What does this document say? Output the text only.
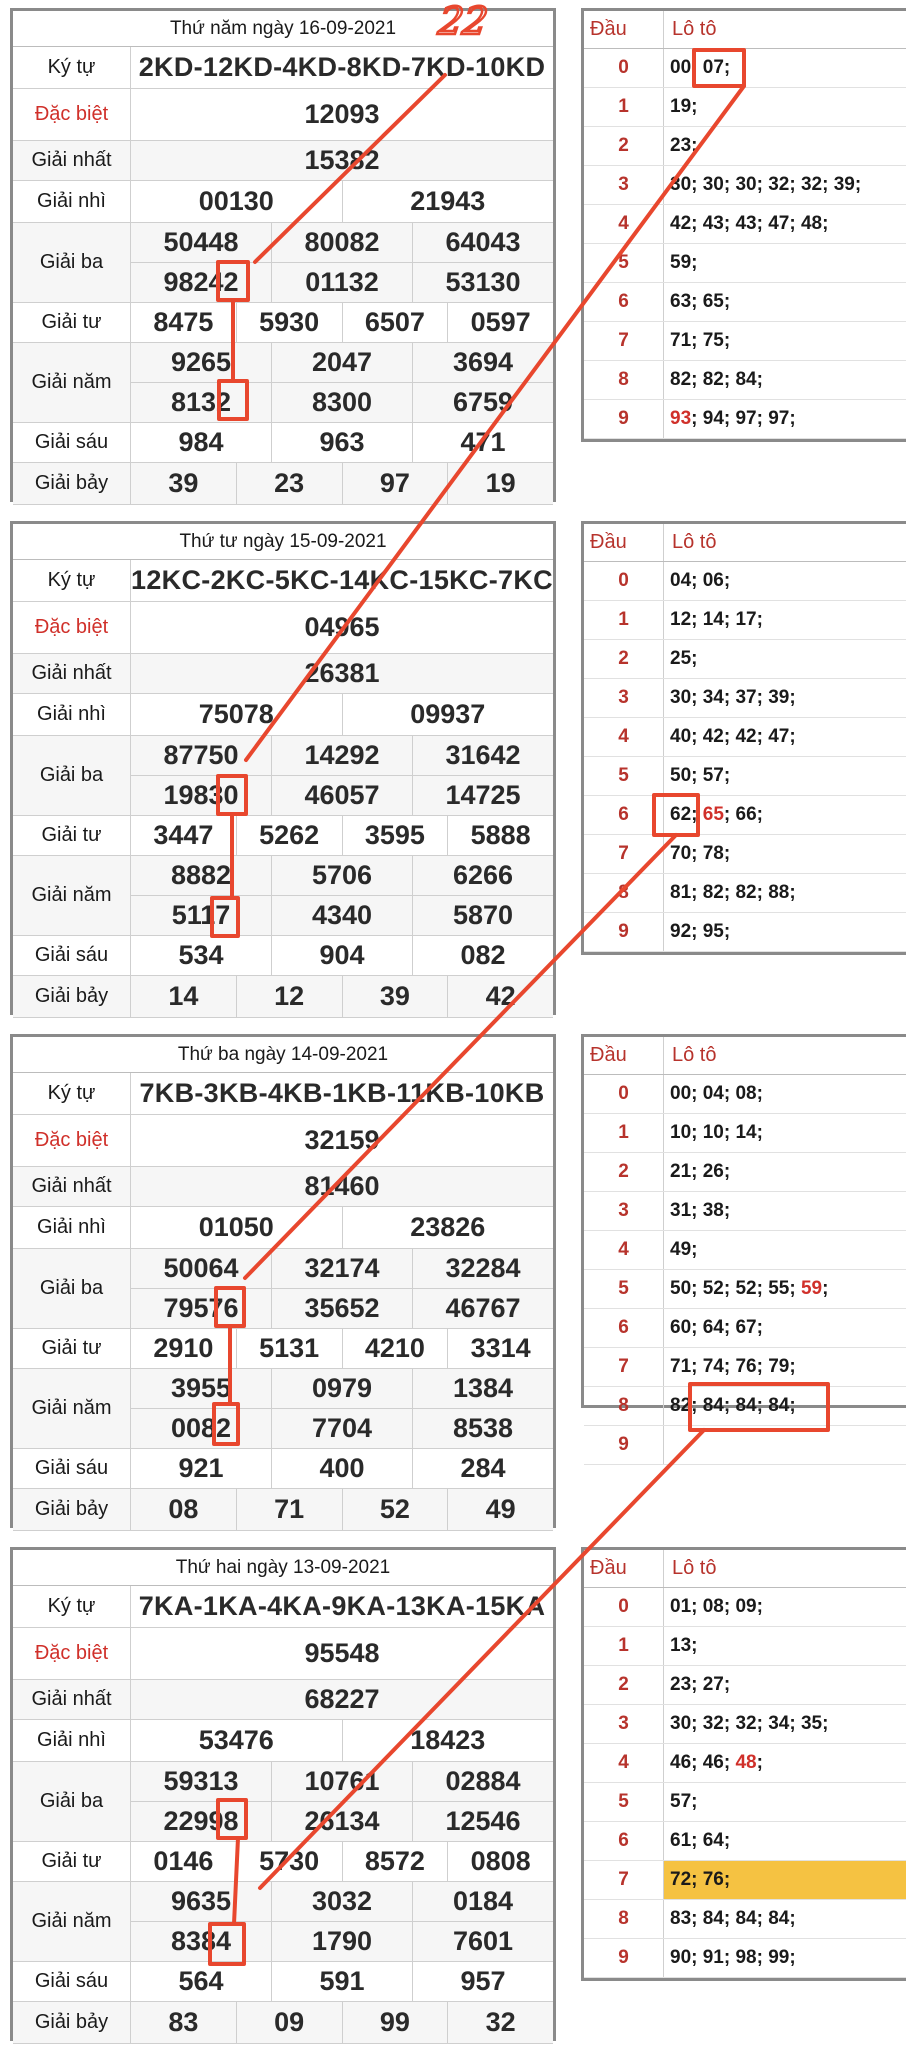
Thứ năm ngày 16-09-2021
Ký tự	2KD-12KD-4KD-8KD-7KD-10KD
Đặc biệt	12093
Giải nhất	15382
Giải nhì	00130	21943
Giải ba
50448	80082	64043
98242	01132	53130
Giải tư	8475	5930	6507	0597
Giải năm
9265	2047	3694
8132	8300	6759
Giải sáu	984	963	471
Giải bảy	39	23	97	19
Đầu	Lô tô
0	00; 07;
1	19;
2	23;
3	30; 30; 30; 32; 32; 39;
4	42; 43; 43; 47; 48;
5	59;
6	63; 65;
7	71; 75;
8	82; 82; 84;
9	93 ; 94; 97; 97;
Thứ tư ngày 15-09-2021
Ký tự	12KC-2KC-5KC-14KC-15KC-7KC
Đặc biệt	04965
Giải nhất	26381
Giải nhì	75078	09937
Giải ba
87750	14292	31642
19830	46057	14725
Giải tư	3447	5262	3595	5888
Giải năm
8882	5706	6266
5117	4340	5870
Giải sáu	534	904	082
Giải bảy	14	12	39	42
Đầu	Lô tô
0	04; 06;
1	12; 14; 17;
2	25;
3	30; 34; 37; 39;
4	40; 42; 42; 47;
5	50; 57;
6	62; 65 ; 66;
7	70; 78;
8	81; 82; 82; 88;
9	92; 95;
Thứ ba ngày 14-09-2021
Ký tự	7KB-3KB-4KB-1KB-11KB-10KB
Đặc biệt	32159
Giải nhất	81460
Giải nhì	01050	23826
Giải ba
50064	32174	32284
79576	35652	46767
Giải tư	2910	5131	4210	3314
Giải năm
3955	0979	1384
0082	7704	8538
Giải sáu	921	400	284
Giải bảy	08	71	52	49
Đầu	Lô tô
0	00; 04; 08;
1	10; 10; 14;
2	21; 26;
3	31; 38;
4	49;
5	50; 52; 52; 55; 59 ;
6	60; 64; 67;
7	71; 74; 76; 79;
8	82; 84; 84; 84;
9
Thứ hai ngày 13-09-2021
Ký tự	7KA-1KA-4KA-9KA-13KA-15KA
Đặc biệt	95548
Giải nhất	68227
Giải nhì	53476	18423
Giải ba
59313	10761	02884
22998	26134	12546
Giải tư	0146	5730	8572	0808
Giải năm
9635	3032	0184
8384	1790	7601
Giải sáu	564	591	957
Giải bảy	83	09	99	32
Đầu	Lô tô
0	01; 08; 09;
1	13;
2	23; 27;
3	30; 32; 32; 34; 35;
4	46; 46; 48 ;
5	57;
6	61; 64;
7	72; 76;
8	83; 84; 84; 84;
9	90; 91; 98; 99;
22
